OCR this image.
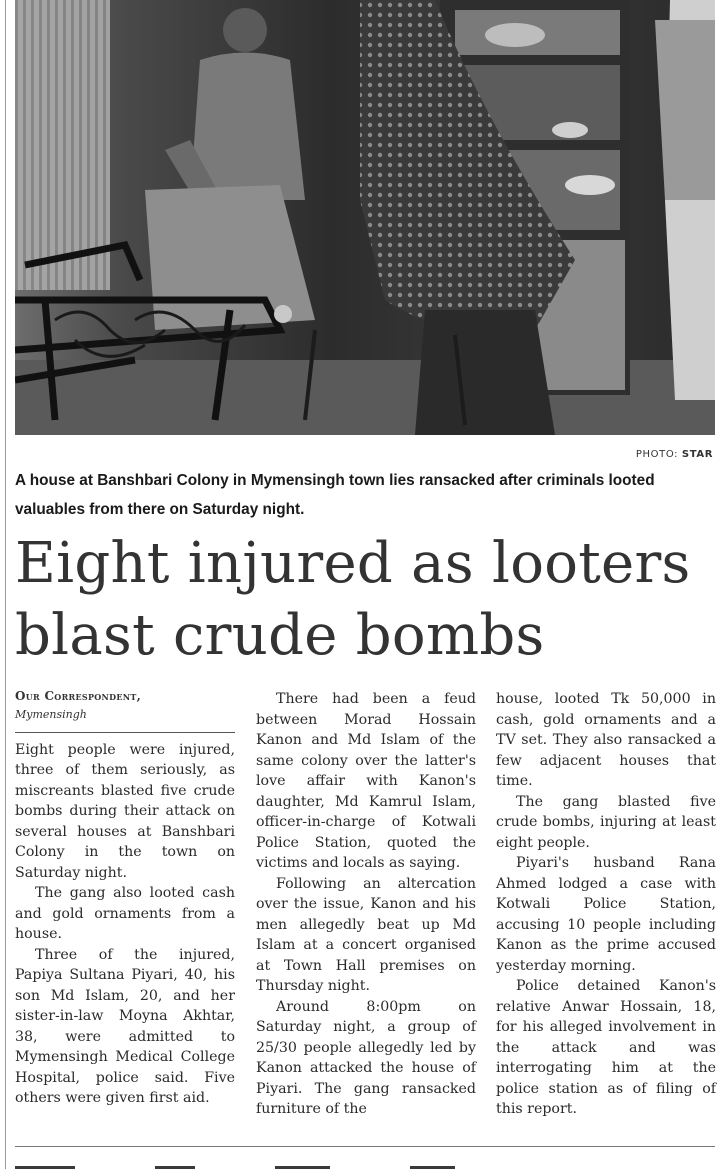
PHOTO: STAR
A house at Banshbari Colony in Mymensingh town lies ransacked after criminals looted valuables from there on Saturday night.
Eight injured as looters
blast crude bombs
Our Correspondent,
Mymensingh

Eight people were injured, three of them seriously, as miscreants blasted five crude bombs during their attack on several houses at Banshbari Colony in the town on Saturday night.

The gang also looted cash and gold ornaments from a house.

Three of the injured, Papiya Sultana Piyari, 40, his son Md Islam, 20, and her sister-in-law Moyna Akhtar, 38, were admitted to Mymensingh Medical College Hospital, police said. Five others were given first aid.

There had been a feud between Morad Hossain Kanon and Md Islam of the same colony over the latter's love affair with Kanon's daughter, Md Kamrul Islam, officer-in-charge of Kotwali Police Station, quoted the victims and locals as saying.

Following an altercation over the issue, Kanon and his men allegedly beat up Md Islam at a concert organised at Town Hall premises on Thursday night.

Around 8:00pm on Saturday night, a group of 25/30 people allegedly led by Kanon attacked the house of Piyari. The gang ransacked furniture of the

house, looted Tk 50,000 in cash, gold ornaments and a TV set. They also ransacked a few adjacent houses that time.

The gang blasted five crude bombs, injuring at least eight people.

Piyari's husband Rana Ahmed lodged a case with Kotwali Police Station, accusing 10 people including Kanon as the prime accused yesterday morning.

Police detained Kanon's relative Anwar Hossain, 18, for his alleged involvement in the attack and was interrogating him at the police station as of filing of this report.
